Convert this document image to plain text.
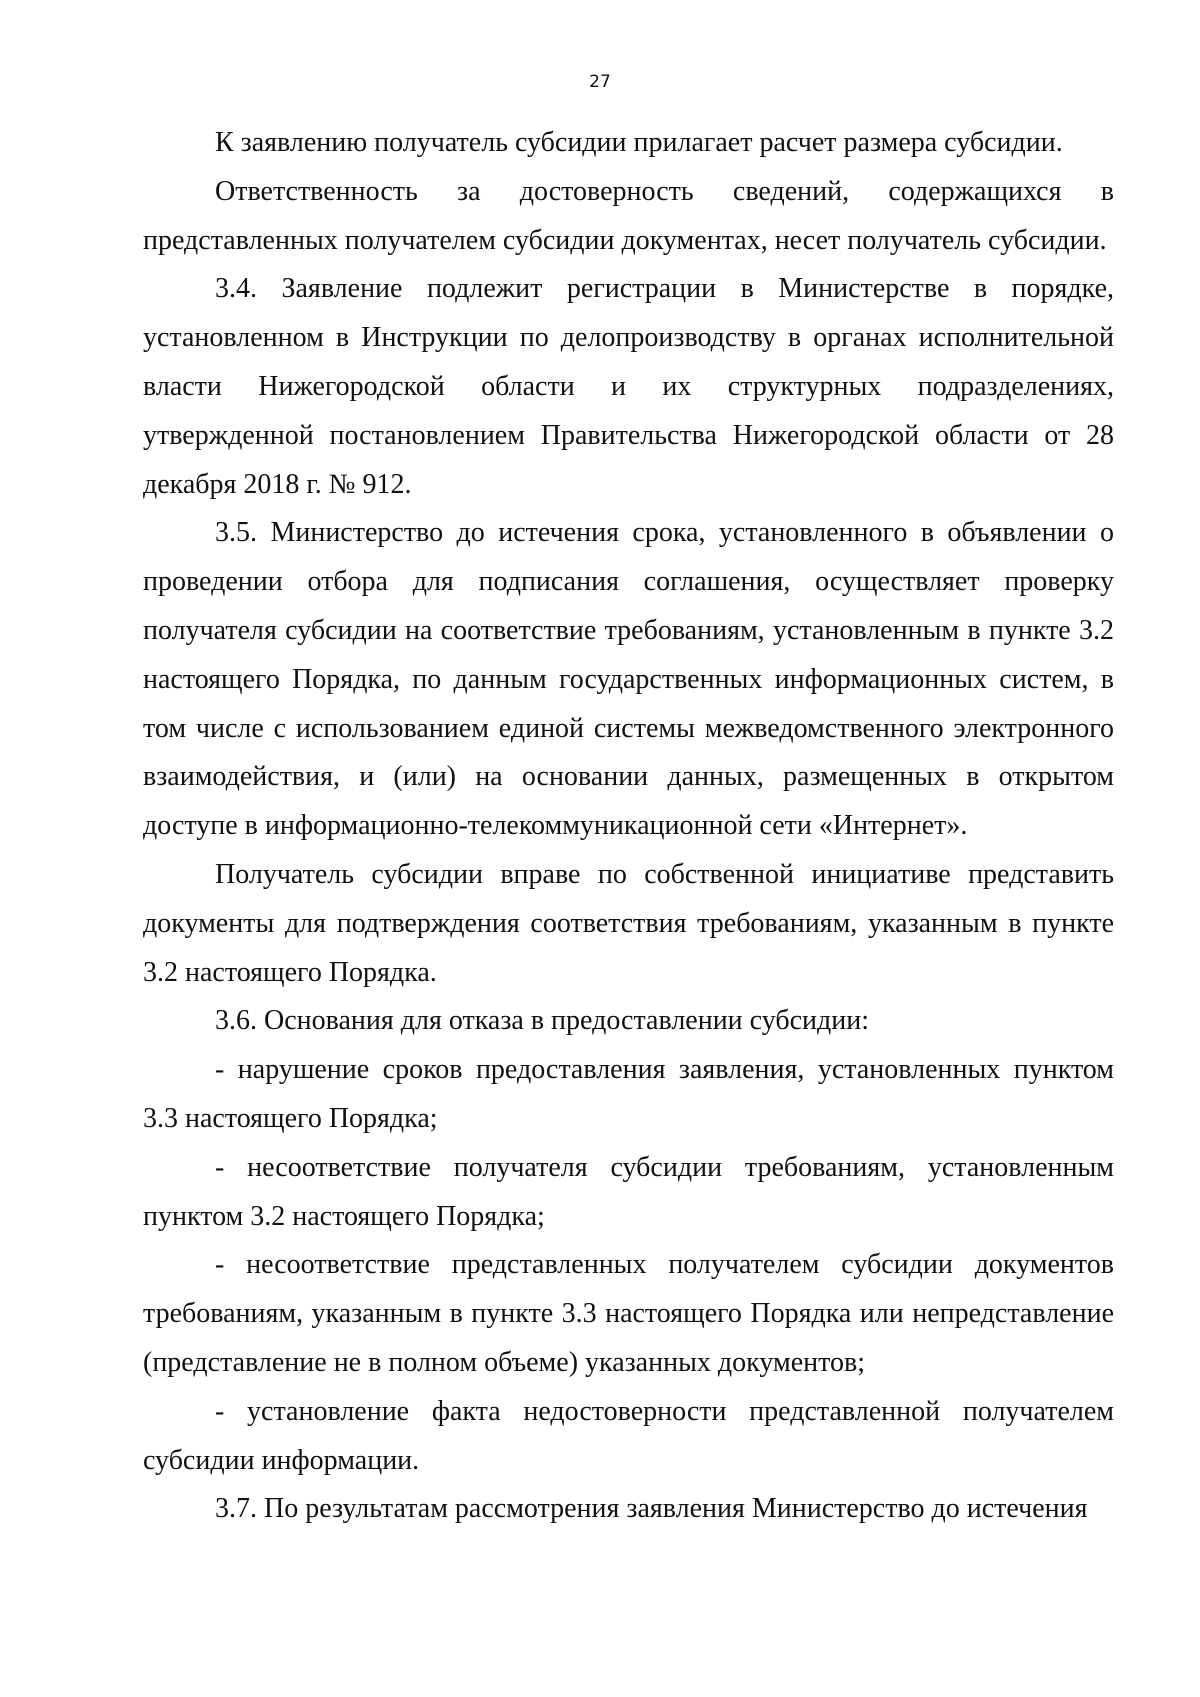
27

К заявлению получатель субсидии прилагает расчет размера субсидии.

Ответственность за достоверность сведений, содержащихся в представленных получателем субсидии документах, несет получатель субсидии.

3.4. Заявление подлежит регистрации в Министерстве в порядке, установленном в Инструкции по делопроизводству в органах исполнительной власти Нижегородской области и их структурных подразделениях, утвержденной постановлением Правительства Нижегородской области от 28 декабря 2018 г. № 912.

3.5. Министерство до истечения срока, установленного в объявлении о проведении отбора для подписания соглашения, осуществляет проверку получателя субсидии на соответствие требованиям, установленным в пункте 3.2 настоящего Порядка, по данным государственных информационных систем, в том числе с использованием единой системы межведомственного электронного взаимодействия, и (или) на основании данных, размещенных в открытом доступе в информационно-телекоммуникационной сети «Интернет».

Получатель субсидии вправе по собственной инициативе представить документы для подтверждения соответствия требованиям, указанным в пункте 3.2 настоящего Порядка.

3.6. Основания для отказа в предоставлении субсидии:

- нарушение сроков предоставления заявления, установленных пунктом 3.3 настоящего Порядка;

- несоответствие получателя субсидии требованиям, установленным пунктом 3.2 настоящего Порядка;

- несоответствие представленных получателем субсидии документов требованиям, указанным в пункте 3.3 настоящего Порядка или непредставление (представление не в полном объеме) указанных документов;

- установление факта недостоверности представленной получателем субсидии информации.

3.7. По результатам рассмотрения заявления Министерство до истечения
